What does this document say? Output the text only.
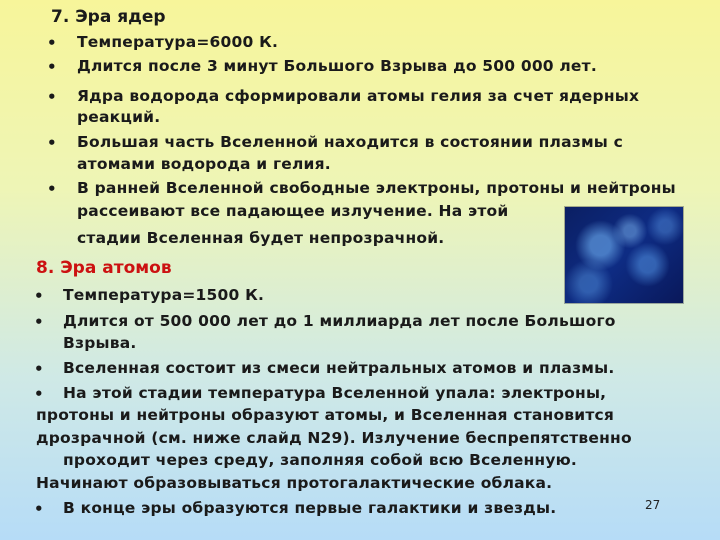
7. Эра ядер
• Температура=6000 К.
• Длится после 3 минут Большого Взрыва до 500 000 лет.
• Ядра водорода сформировали атомы гелия за счет ядерных
реакций.
• Большая часть Вселенной находится в состоянии плазмы с
атомами водорода и гелия.
• В ранней Вселенной свободные электроны, протоны и нейтроны
рассеивают все падающее излучение. На этой
стадии Вселенная будет непрозрачной.
8. Эра атомов
• Температура=1500 К.
• Длится от 500 000 лет до 1 миллиарда лет после Большого
Взрыва.
• Вселенная состоит из смеси нейтральных атомов и плазмы.
• На этой стадии температура Вселенной упала: электроны,
протоны и нейтроны образуют атомы, и Вселенная становится
дрозрачной (см. ниже слайд N29). Излучение беспрепятственно
проходит через среду, заполняя собой всю Вселенную.
Начинают образовываться протогалактические облака.
• В конце эры образуются первые галактики и звезды.	27
